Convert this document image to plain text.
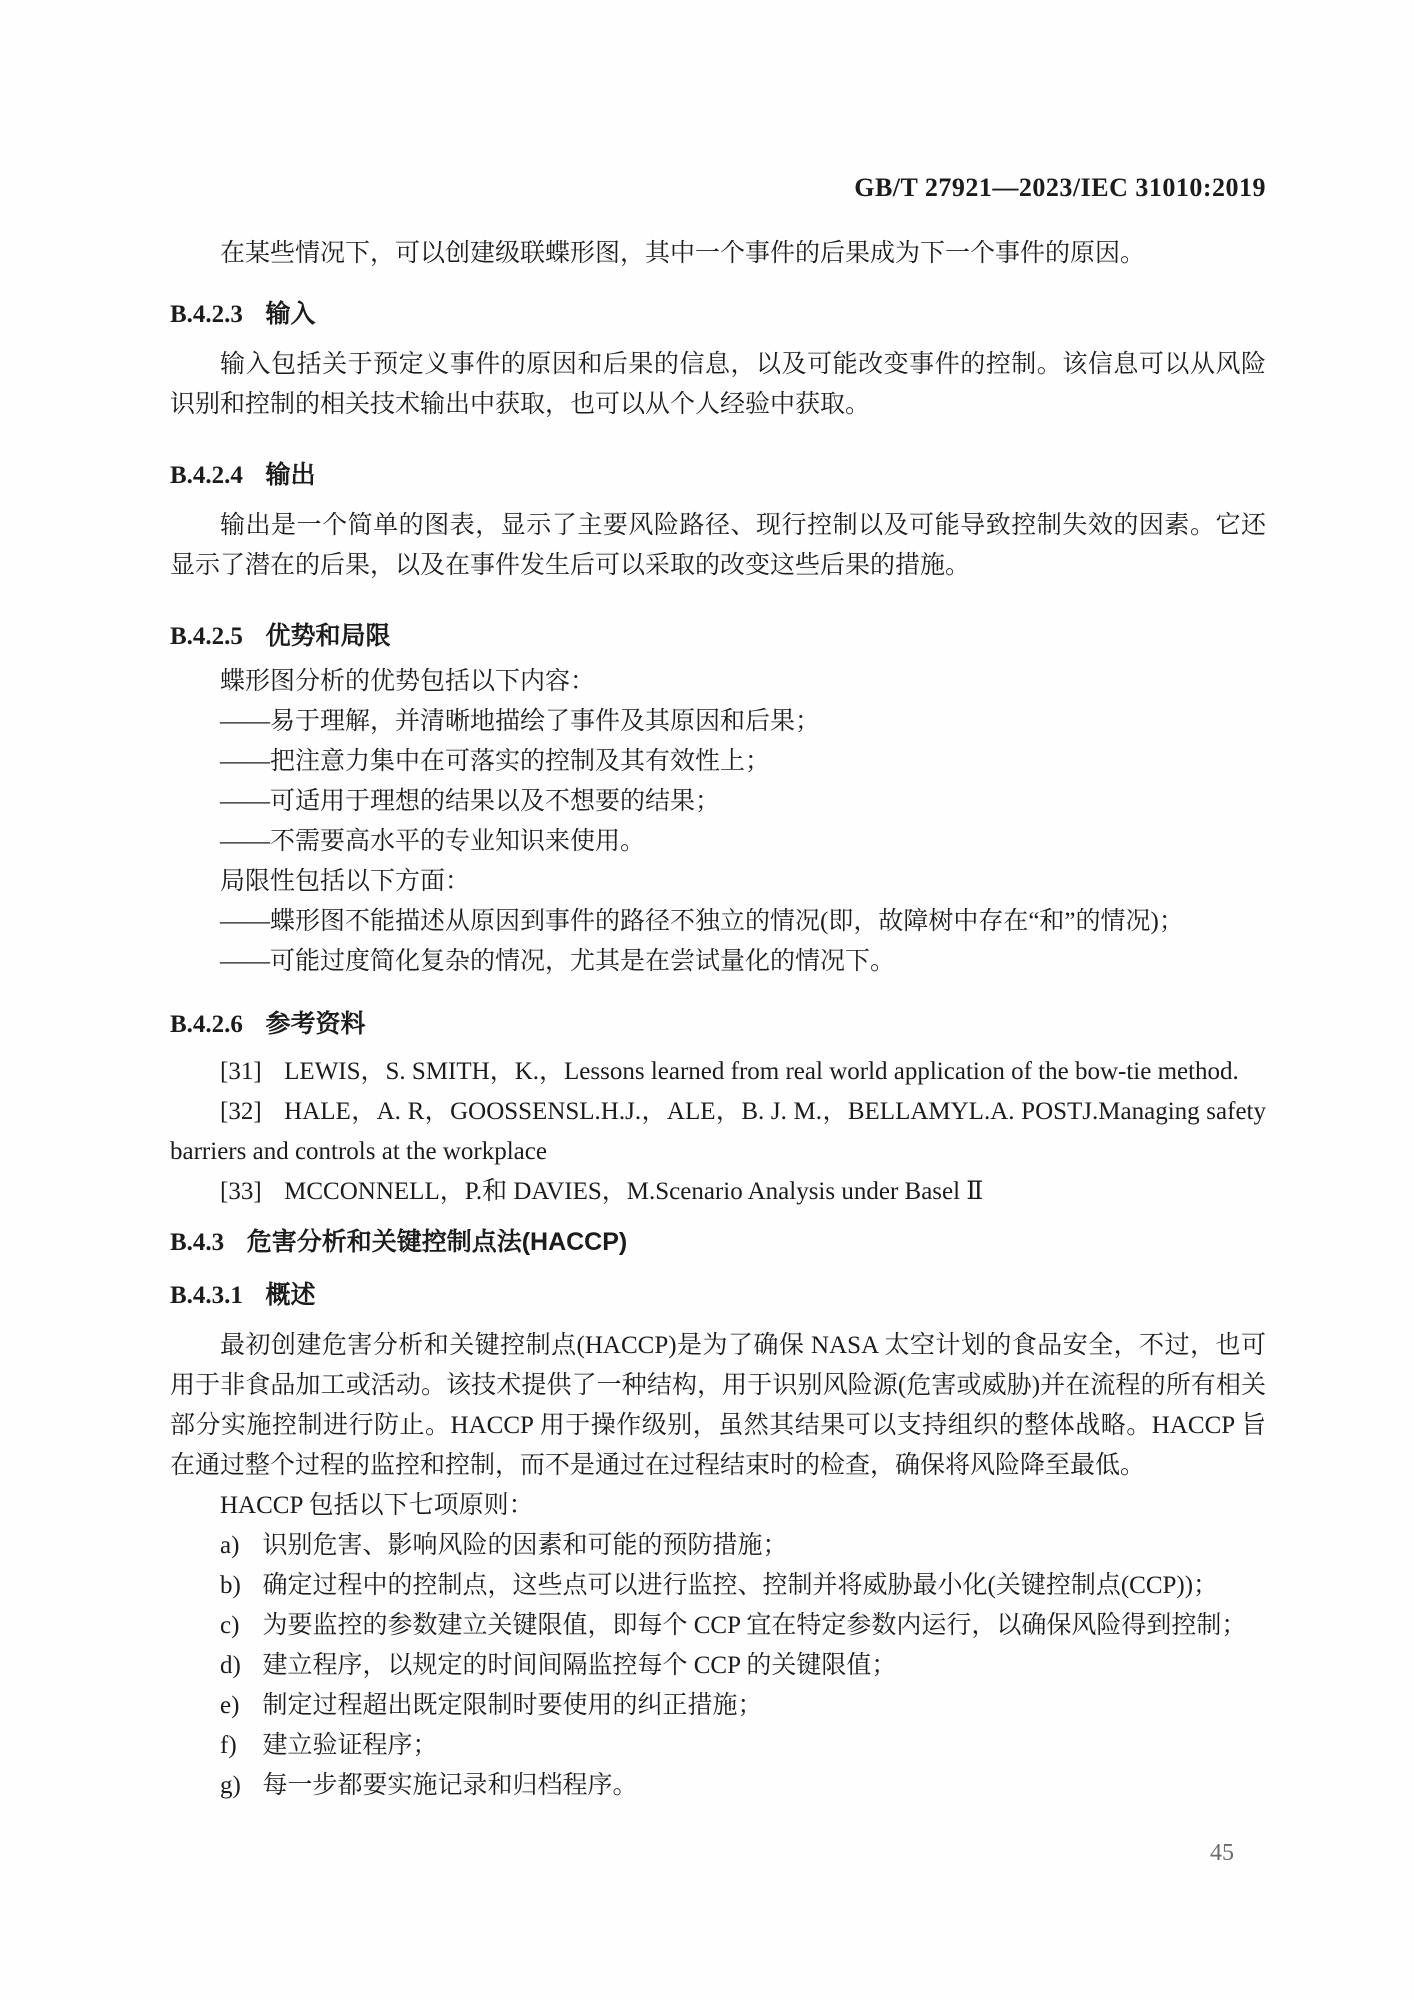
GB/T 27921—2023/IEC 31010:2019

在某些情况下，可以创建级联蝶形图，其中一个事件的后果成为下一个事件的原因。

B.4.2.3 输入

输入包括关于预定义事件的原因和后果的信息，以及可能改变事件的控制。该信息可以从风险识别和控制的相关技术输出中获取，也可以从个人经验中获取。

B.4.2.4 输出

输出是一个简单的图表，显示了主要风险路径、现行控制以及可能导致控制失效的因素。它还显示了潜在的后果，以及在事件发生后可以采取的改变这些后果的措施。

B.4.2.5 优势和局限

蝶形图分析的优势包括以下内容：

——易于理解，并清晰地描绘了事件及其原因和后果；
——把注意力集中在可落实的控制及其有效性上；
——可适用于理想的结果以及不想要的结果；
——不需要高水平的专业知识来使用。

局限性包括以下方面：

——蝶形图不能描述从原因到事件的路径不独立的情况(即，故障树中存在“和”的情况)；
——可能过度简化复杂的情况，尤其是在尝试量化的情况下。
B.4.2.6 参考资料

[31] LEWIS，S. SMITH，K.，Lessons learned from real world application of the bow-tie method.

[32] HALE，A. R，GOOSSENSL.H.J.，ALE，B. J. M.，BELLAMYL.A. POSTJ.Managing safety barriers and controls at the workplace

[33] MCCONNELL，P.和 DAVIES，M.Scenario Analysis under Basel Ⅱ

B.4.3 危害分析和关键控制点法(HACCP)
B.4.3.1 概述

最初创建危害分析和关键控制点(HACCP)是为了确保 NASA 太空计划的食品安全，不过，也可用于非食品加工或活动。该技术提供了一种结构，用于识别风险源(危害或威胁)并在流程的所有相关部分实施控制进行防止。HACCP 用于操作级别，虽然其结果可以支持组织的整体战略。HACCP 旨在通过整个过程的监控和控制，而不是通过在过程结束时的检查，确保将风险降至最低。

HACCP 包括以下七项原则：

a) 识别危害、影响风险的因素和可能的预防措施；
b) 确定过程中的控制点，这些点可以进行监控、控制并将威胁最小化(关键控制点(CCP))；
c) 为要监控的参数建立关键限值，即每个 CCP 宜在特定参数内运行，以确保风险得到控制；
d) 建立程序，以规定的时间间隔监控每个 CCP 的关键限值；
e) 制定过程超出既定限制时要使用的纠正措施；
f) 建立验证程序；
g) 每一步都要实施记录和归档程序。
45
